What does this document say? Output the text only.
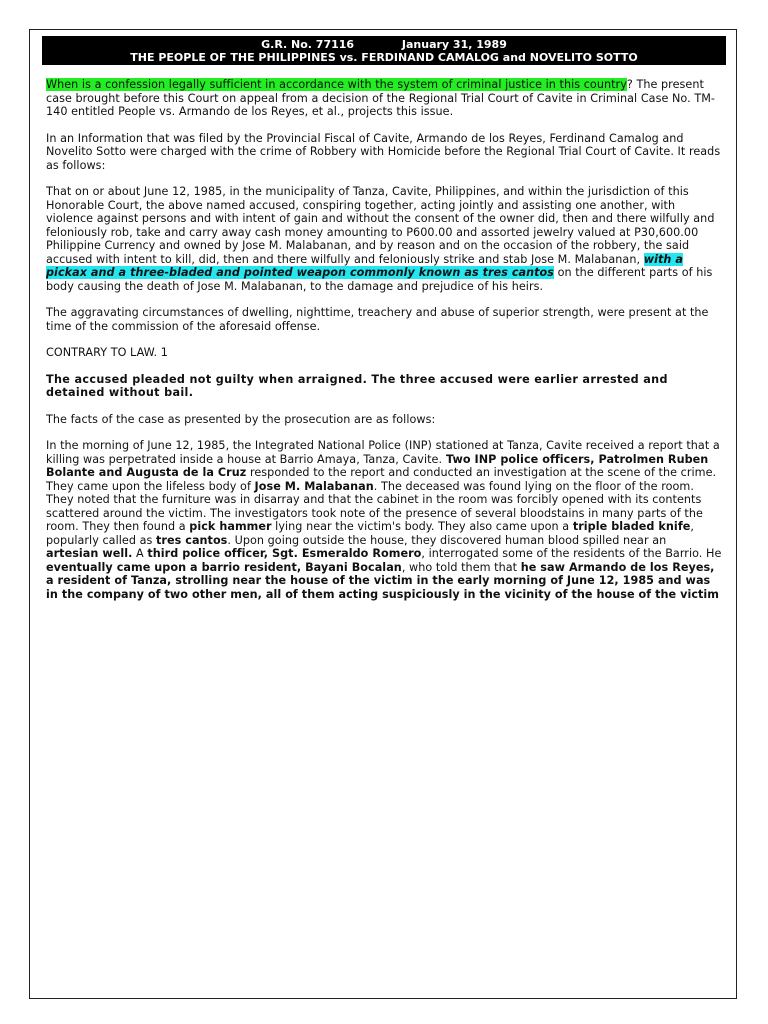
G.R. No. 77116	January 31, 1989
THE PEOPLE OF THE PHILIPPINES vs. FERDINAND CAMALOG and NOVELITO SOTTO

When is a confession legally sufficient in accordance with the system of criminal justice in this country? The present case brought before this Court on appeal from a decision of the Regional Trial Court of Cavite in Criminal Case No. TM-140 entitled People vs. Armando de los Reyes, et al., projects this issue.

In an Information that was filed by the Provincial Fiscal of Cavite, Armando de los Reyes, Ferdinand Camalog and Novelito Sotto were charged with the crime of Robbery with Homicide before the Regional Trial Court of Cavite. It reads as follows:

That on or about June 12, 1985, in the municipality of Tanza, Cavite, Philippines, and within the jurisdiction of this Honorable Court, the above named accused, conspiring together, acting jointly and assisting one another, with violence against persons and with intent of gain and without the consent of the owner did, then and there wilfully and feloniously rob, take and carry away cash money amounting to P600.00 and assorted jewelry valued at P30,600.00 Philippine Currency and owned by Jose M. Malabanan, and by reason and on the occasion of the robbery, the said accused with intent to kill, did, then and there wilfully and feloniously strike and stab Jose M. Malabanan, with a pickax and a three-bladed and pointed weapon commonly known as tres cantos on the different parts of his body causing the death of Jose M. Malabanan, to the damage and prejudice of his heirs.

The aggravating circumstances of dwelling, nighttime, treachery and abuse of superior strength, were present at the time of the commission of the aforesaid offense.

CONTRARY TO LAW. 1

The accused pleaded not guilty when arraigned. The three accused were earlier arrested and detained without bail.

The facts of the case as presented by the prosecution are as follows:

In the morning of June 12, 1985, the Integrated National Police (INP) stationed at Tanza, Cavite received a report that a killing was perpetrated inside a house at Barrio Amaya, Tanza, Cavite. Two INP police officers, Patrolmen Ruben Bolante and Augusta de la Cruz responded to the report and conducted an investigation at the scene of the crime. They came upon the lifeless body of Jose M. Malabanan. The deceased was found lying on the floor of the room. They noted that the furniture was in disarray and that the cabinet in the room was forcibly opened with its contents scattered around the victim. The investigators took note of the presence of several bloodstains in many parts of the room. They then found a pick hammer lying near the victim's body. They also came upon a triple bladed knife, popularly called as tres cantos. Upon going outside the house, they discovered human blood spilled near an artesian well. A third police officer, Sgt. Esmeraldo Romero, interrogated some of the residents of the Barrio. He eventually came upon a barrio resident, Bayani Bocalan, who told them that he saw Armando de los Reyes, a resident of Tanza, strolling near the house of the victim in the early morning of June 12, 1985 and was in the company of two other men, all of them acting suspiciously in the vicinity of the house of the victim
